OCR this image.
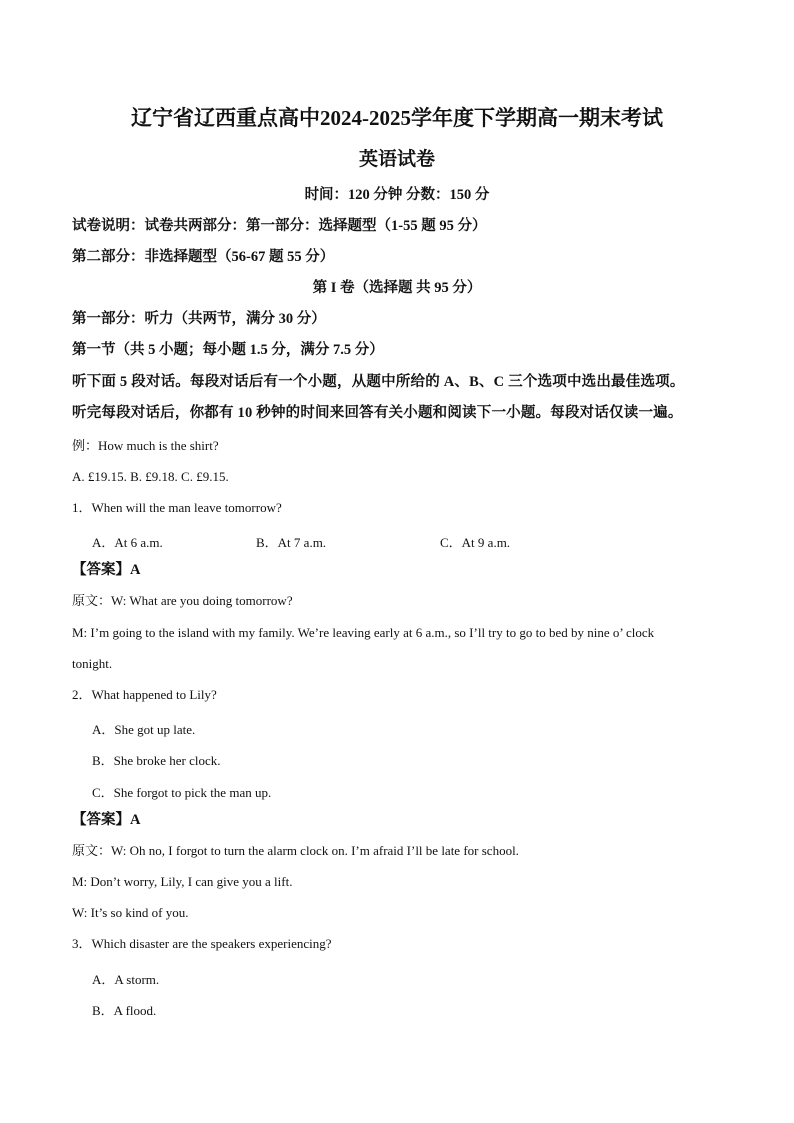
辽宁省辽西重点高中2024-2025学年度下学期高一期末考试
英语试卷
时间：120 分钟 分数：150 分
试卷说明：试卷共两部分：第一部分：选择题型（1-55 题 95 分）
第二部分：非选择题型（56-67 题 55 分）
第 I 卷（选择题 共 95 分）
第一部分：听力（共两节，满分 30 分）
第一节（共 5 小题；每小题 1.5 分，满分 7.5 分）
听下面 5 段对话。每段对话后有一个小题，从题中所给的 A、B、C 三个选项中选出最佳选项。
听完每段对话后，你都有 10 秒钟的时间来回答有关小题和阅读下一小题。每段对话仅读一遍。
例：How much is the shirt?
A. £19.15. B. £9.18. C. £9.15.
1．When will the man leave tomorrow?
A．At 6 a.m.	B．At 7 a.m.	C．At 9 a.m.
【答案】A
原文：W: What are you doing tomorrow?
M: I’m going to the island with my family. We’re leaving early at 6 a.m., so I’ll try to go to bed by nine o’ clock
tonight.
2．What happened to Lily?
A．She got up late.
B．She broke her clock.
C．She forgot to pick the man up.
【答案】A
原文：W: Oh no, I forgot to turn the alarm clock on. I’m afraid I’ll be late for school.
M: Don’t worry, Lily, I can give you a lift.
W: It’s so kind of you.
3．Which disaster are the speakers experiencing?
A．A storm.
B．A flood.
